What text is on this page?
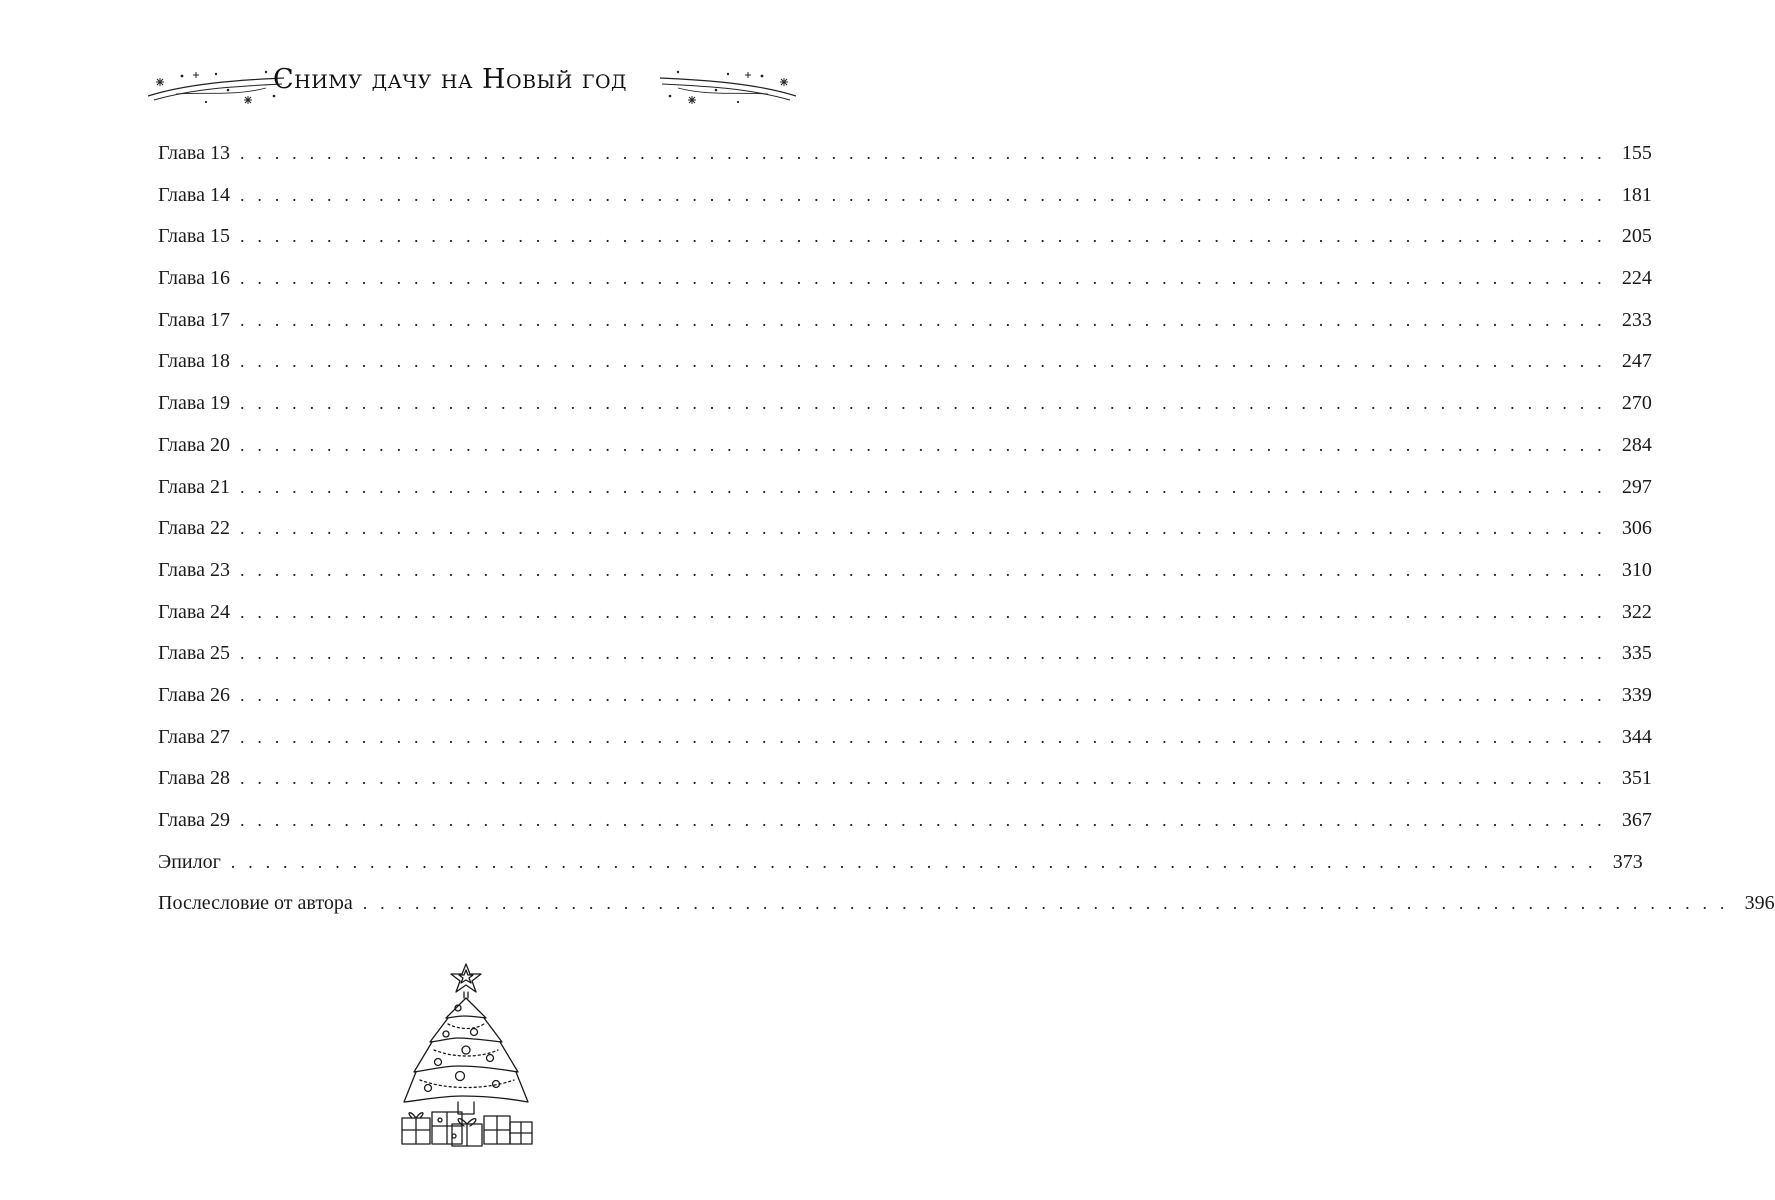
Сниму дачу на Новый год
Глава 13 . . . . . . . . . . . . . . . . . . . . . . . . . . . . . . . . . . . . . . . . . . . . . . . . . . . . . . . . . . . . . . . . . . . . . . . . . . . . . . . 155
Глава 14 . . . . . . . . . . . . . . . . . . . . . . . . . . . . . . . . . . . . . . . . . . . . . . . . . . . . . . . . . . . . . . . . . . . . . . . . . . . . . . . 181
Глава 15 . . . . . . . . . . . . . . . . . . . . . . . . . . . . . . . . . . . . . . . . . . . . . . . . . . . . . . . . . . . . . . . . . . . . . . . . . . . . . . . 205
Глава 16 . . . . . . . . . . . . . . . . . . . . . . . . . . . . . . . . . . . . . . . . . . . . . . . . . . . . . . . . . . . . . . . . . . . . . . . . . . . . . . . 224
Глава 17 . . . . . . . . . . . . . . . . . . . . . . . . . . . . . . . . . . . . . . . . . . . . . . . . . . . . . . . . . . . . . . . . . . . . . . . . . . . . . . . 233
Глава 18 . . . . . . . . . . . . . . . . . . . . . . . . . . . . . . . . . . . . . . . . . . . . . . . . . . . . . . . . . . . . . . . . . . . . . . . . . . . . . . . 247
Глава 19 . . . . . . . . . . . . . . . . . . . . . . . . . . . . . . . . . . . . . . . . . . . . . . . . . . . . . . . . . . . . . . . . . . . . . . . . . . . . . . . 270
Глава 20 . . . . . . . . . . . . . . . . . . . . . . . . . . . . . . . . . . . . . . . . . . . . . . . . . . . . . . . . . . . . . . . . . . . . . . . . . . . . . . . 284
Глава 21 . . . . . . . . . . . . . . . . . . . . . . . . . . . . . . . . . . . . . . . . . . . . . . . . . . . . . . . . . . . . . . . . . . . . . . . . . . . . . . . 297
Глава 22 . . . . . . . . . . . . . . . . . . . . . . . . . . . . . . . . . . . . . . . . . . . . . . . . . . . . . . . . . . . . . . . . . . . . . . . . . . . . . . . 306
Глава 23 . . . . . . . . . . . . . . . . . . . . . . . . . . . . . . . . . . . . . . . . . . . . . . . . . . . . . . . . . . . . . . . . . . . . . . . . . . . . . . . 310
Глава 24 . . . . . . . . . . . . . . . . . . . . . . . . . . . . . . . . . . . . . . . . . . . . . . . . . . . . . . . . . . . . . . . . . . . . . . . . . . . . . . . 322
Глава 25 . . . . . . . . . . . . . . . . . . . . . . . . . . . . . . . . . . . . . . . . . . . . . . . . . . . . . . . . . . . . . . . . . . . . . . . . . . . . . . . 335
Глава 26 . . . . . . . . . . . . . . . . . . . . . . . . . . . . . . . . . . . . . . . . . . . . . . . . . . . . . . . . . . . . . . . . . . . . . . . . . . . . . . . 339
Глава 27 . . . . . . . . . . . . . . . . . . . . . . . . . . . . . . . . . . . . . . . . . . . . . . . . . . . . . . . . . . . . . . . . . . . . . . . . . . . . . . . 344
Глава 28 . . . . . . . . . . . . . . . . . . . . . . . . . . . . . . . . . . . . . . . . . . . . . . . . . . . . . . . . . . . . . . . . . . . . . . . . . . . . . . . 351
Глава 29 . . . . . . . . . . . . . . . . . . . . . . . . . . . . . . . . . . . . . . . . . . . . . . . . . . . . . . . . . . . . . . . . . . . . . . . . . . . . . . . 367
Эпилог . . . . . . . . . . . . . . . . . . . . . . . . . . . . . . . . . . . . . . . . . . . . . . . . . . . . . . . . . . . . . . . . . . . . . . . . . . . . . . . 373
Послесловие от автора . . . . . . . . . . . . . . . . . . . . . . . . . . . . . . . . . . . . . . . . . . . . . . . . . . . . . . . . . . . . . . . . . . . . . . . . . . . . . . . 396
